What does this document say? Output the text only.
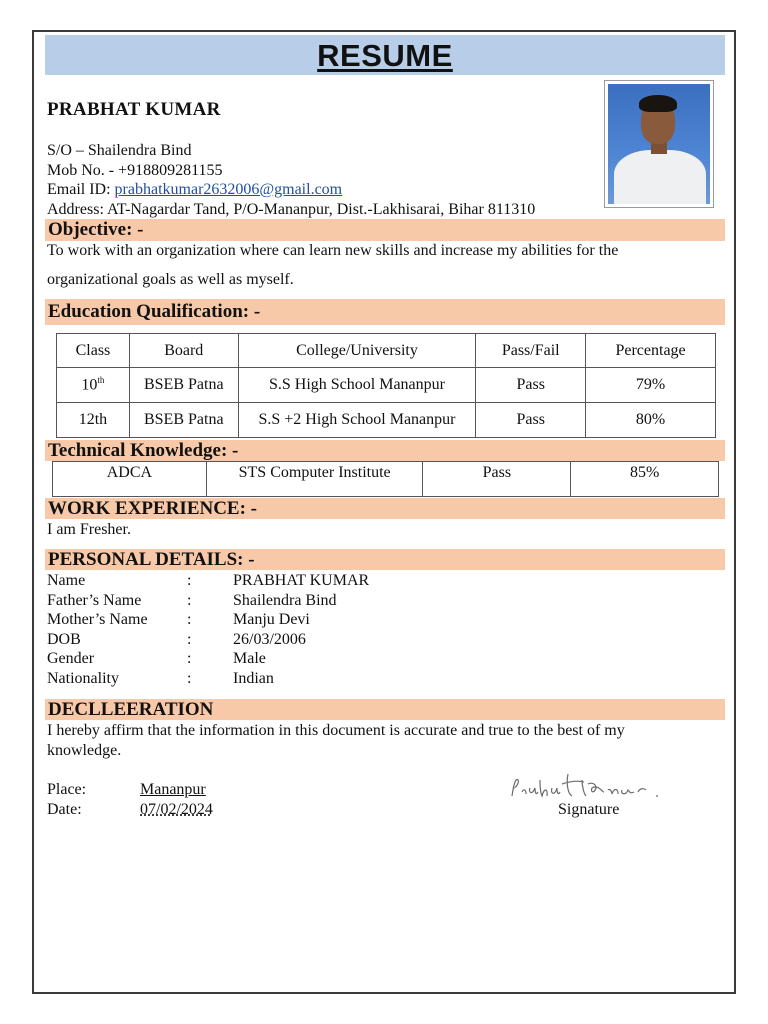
RESUME
PRABHAT KUMAR
S/O – Shailendra Bind
Mob No. - +918809281155
Email ID: prabhatkumar2632006@gmail.com
Address: AT-Nagardar Tand, P/O-Mananpur, Dist.-Lakhisarai, Bihar 811310
Objective: -
To work with an organization where can learn new skills and increase my abilities for the
organizational goals as well as myself.
Education Qualification: -
Class	Board	College/University	Pass/Fail	Percentage
10th	BSEB Patna	S.S High School Mananpur	Pass	79%
12th	BSEB Patna	S.S +2 High School Mananpur	Pass	80%
Technical Knowledge: -
ADCA	STS Computer Institute	Pass	85%
WORK EXPERIENCE: -
I am Fresher.
PERSONAL DETAILS: -
Name	:	PRABHAT KUMAR
Father’s Name	:	Shailendra Bind
Mother’s Name :	Manju Devi
DOB	:	26/03/2006
Gender	:	Male
Nationality	:	Indian
DECLLEERATION
I hereby affirm that the information in this document is accurate and true to the best of my
knowledge.
Place:	Mananpur
Date:	07/02/2024	Signature
